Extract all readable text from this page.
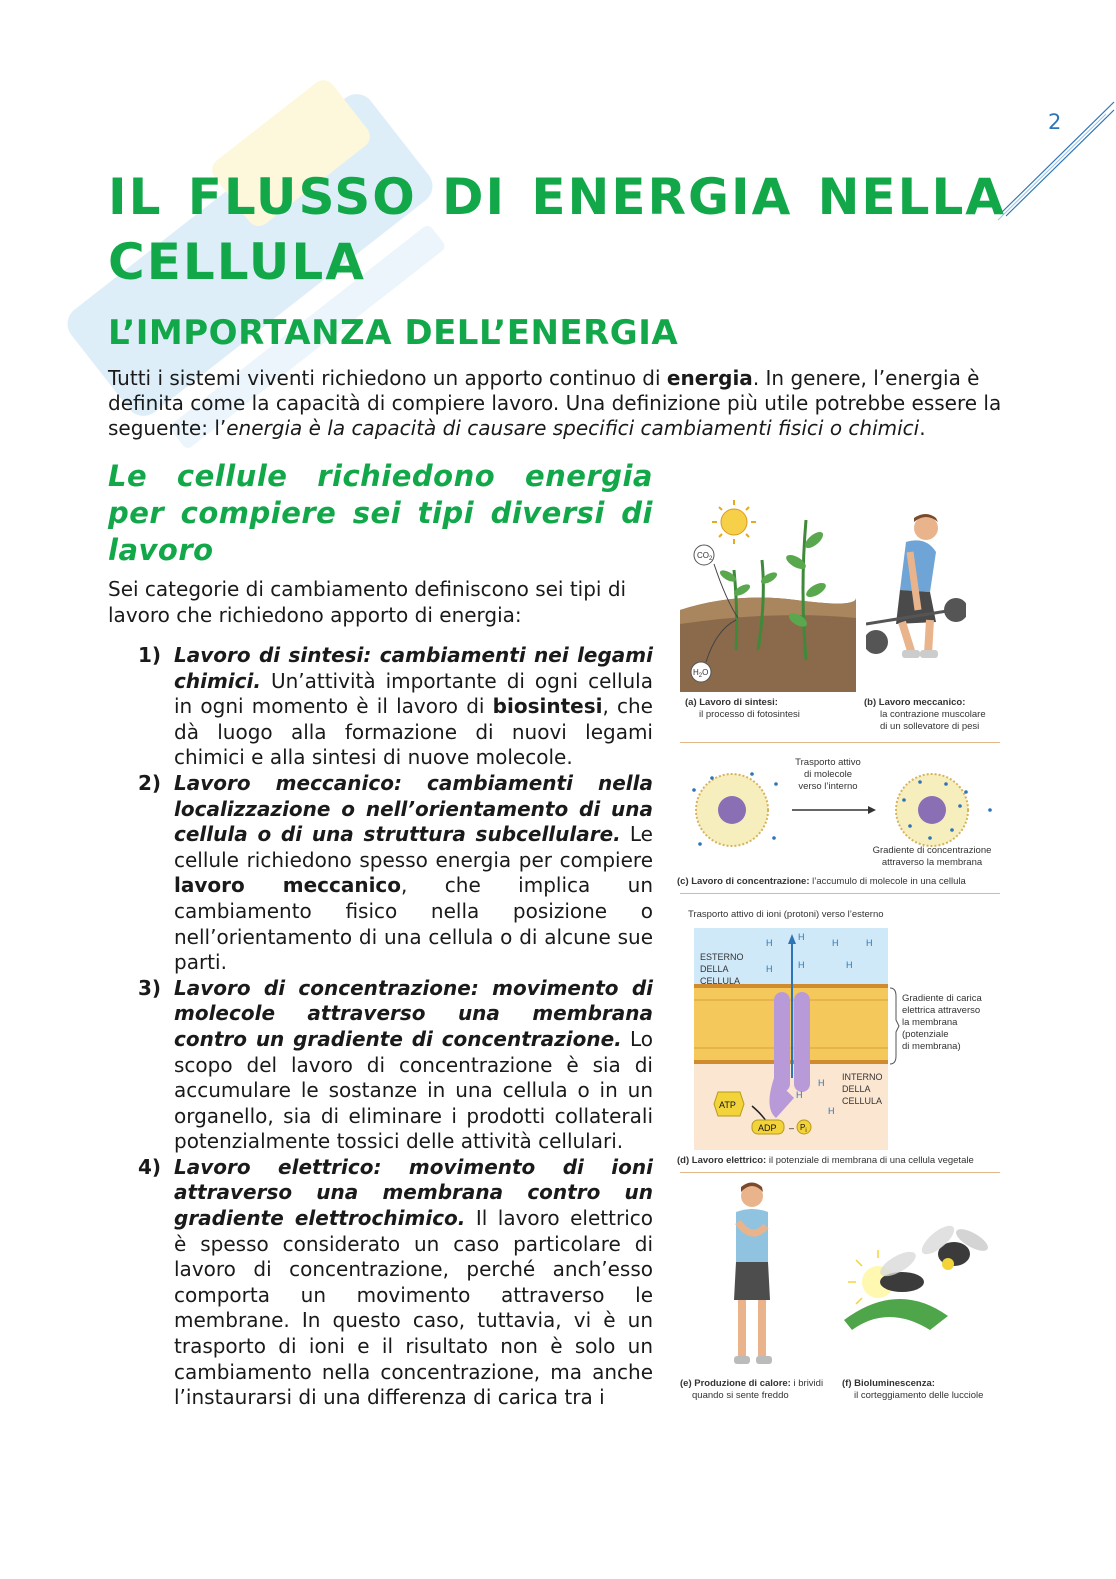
2
IL FLUSSO DI ENERGIA NELLA CELLULA
L’IMPORTANZA DELL’ENERGIA

Tutti i sistemi viventi richiedono un apporto continuo di energia. In genere, l’energia è definita come la capacità di compiere lavoro. Una definizione più utile potrebbe essere la seguente: l’energia è la capacità di causare specifici cambiamenti fisici o chimici.

Le cellule richiedono energia per compiere sei tipi diversi di lavoro

Sei categorie di cambiamento definiscono sei tipi di lavoro che richiedono apporto di energia:

1) Lavoro di sintesi: cambiamenti nei legami chimici. Un’attività importante di ogni cellula in ogni momento è il lavoro di biosintesi, che dà luogo alla formazione di nuovi legami chimici e alla sintesi di nuove molecole.
2) Lavoro meccanico: cambiamenti nella localizzazione o nell’orientamento di una cellula o di una struttura subcellulare. Le cellule richiedono spesso energia per compiere lavoro meccanico, che implica un cambiamento fisico nella posizione o nell’orientamento di una cellula o di alcune sue parti.
3) Lavoro di concentrazione: movimento di molecole attraverso una membrana contro un gradiente di concentrazione. Lo scopo del lavoro di concentrazione è sia di accumulare le sostanze in una cellula o in un organello, sia di eliminare i prodotti collaterali potenzialmente tossici delle attività cellulari.
4) Lavoro elettrico: movimento di ioni attraverso una membrana contro un gradiente elettrochimico. Il lavoro elettrico è spesso considerato un caso particolare di lavoro di concentrazione, perché anch’esso comporta un movimento attraverso le membrane. In questo caso, tuttavia, vi è un trasporto di ioni e il risultato non è solo un cambiamento nella concentrazione, ma anche l’instaurarsi di una differenza di carica tra i
$CO_2$
$H_2O$
(a) Lavoro di sintesi:
il processo di fotosintesi
(b) Lavoro meccanico:
la contrazione muscolare
di un sollevatore di pesi
Trasporto attivo
di molecole
verso l’interno
Gradiente di concentrazione
attraverso la membrana
(c) Lavoro di concentrazione: l’accumulo di molecole in una cellula
Trasporto attivo di ioni (protoni) verso l’esterno
ATP
ADP – $P_i$
H
H
H	H
H	H	H
H
H
H
ESTERNO
DELLA
CELLULA
INTERNO
DELLA
CELLULA
Gradiente di carica
elettrica attraverso
la membrana
(potenziale
di membrana)
(d) Lavoro elettrico: il potenziale di membrana di una cellula vegetale
(e) Produzione di calore: i brividi
quando si sente freddo
(f) Bioluminescenza:
il corteggiamento delle lucciole
